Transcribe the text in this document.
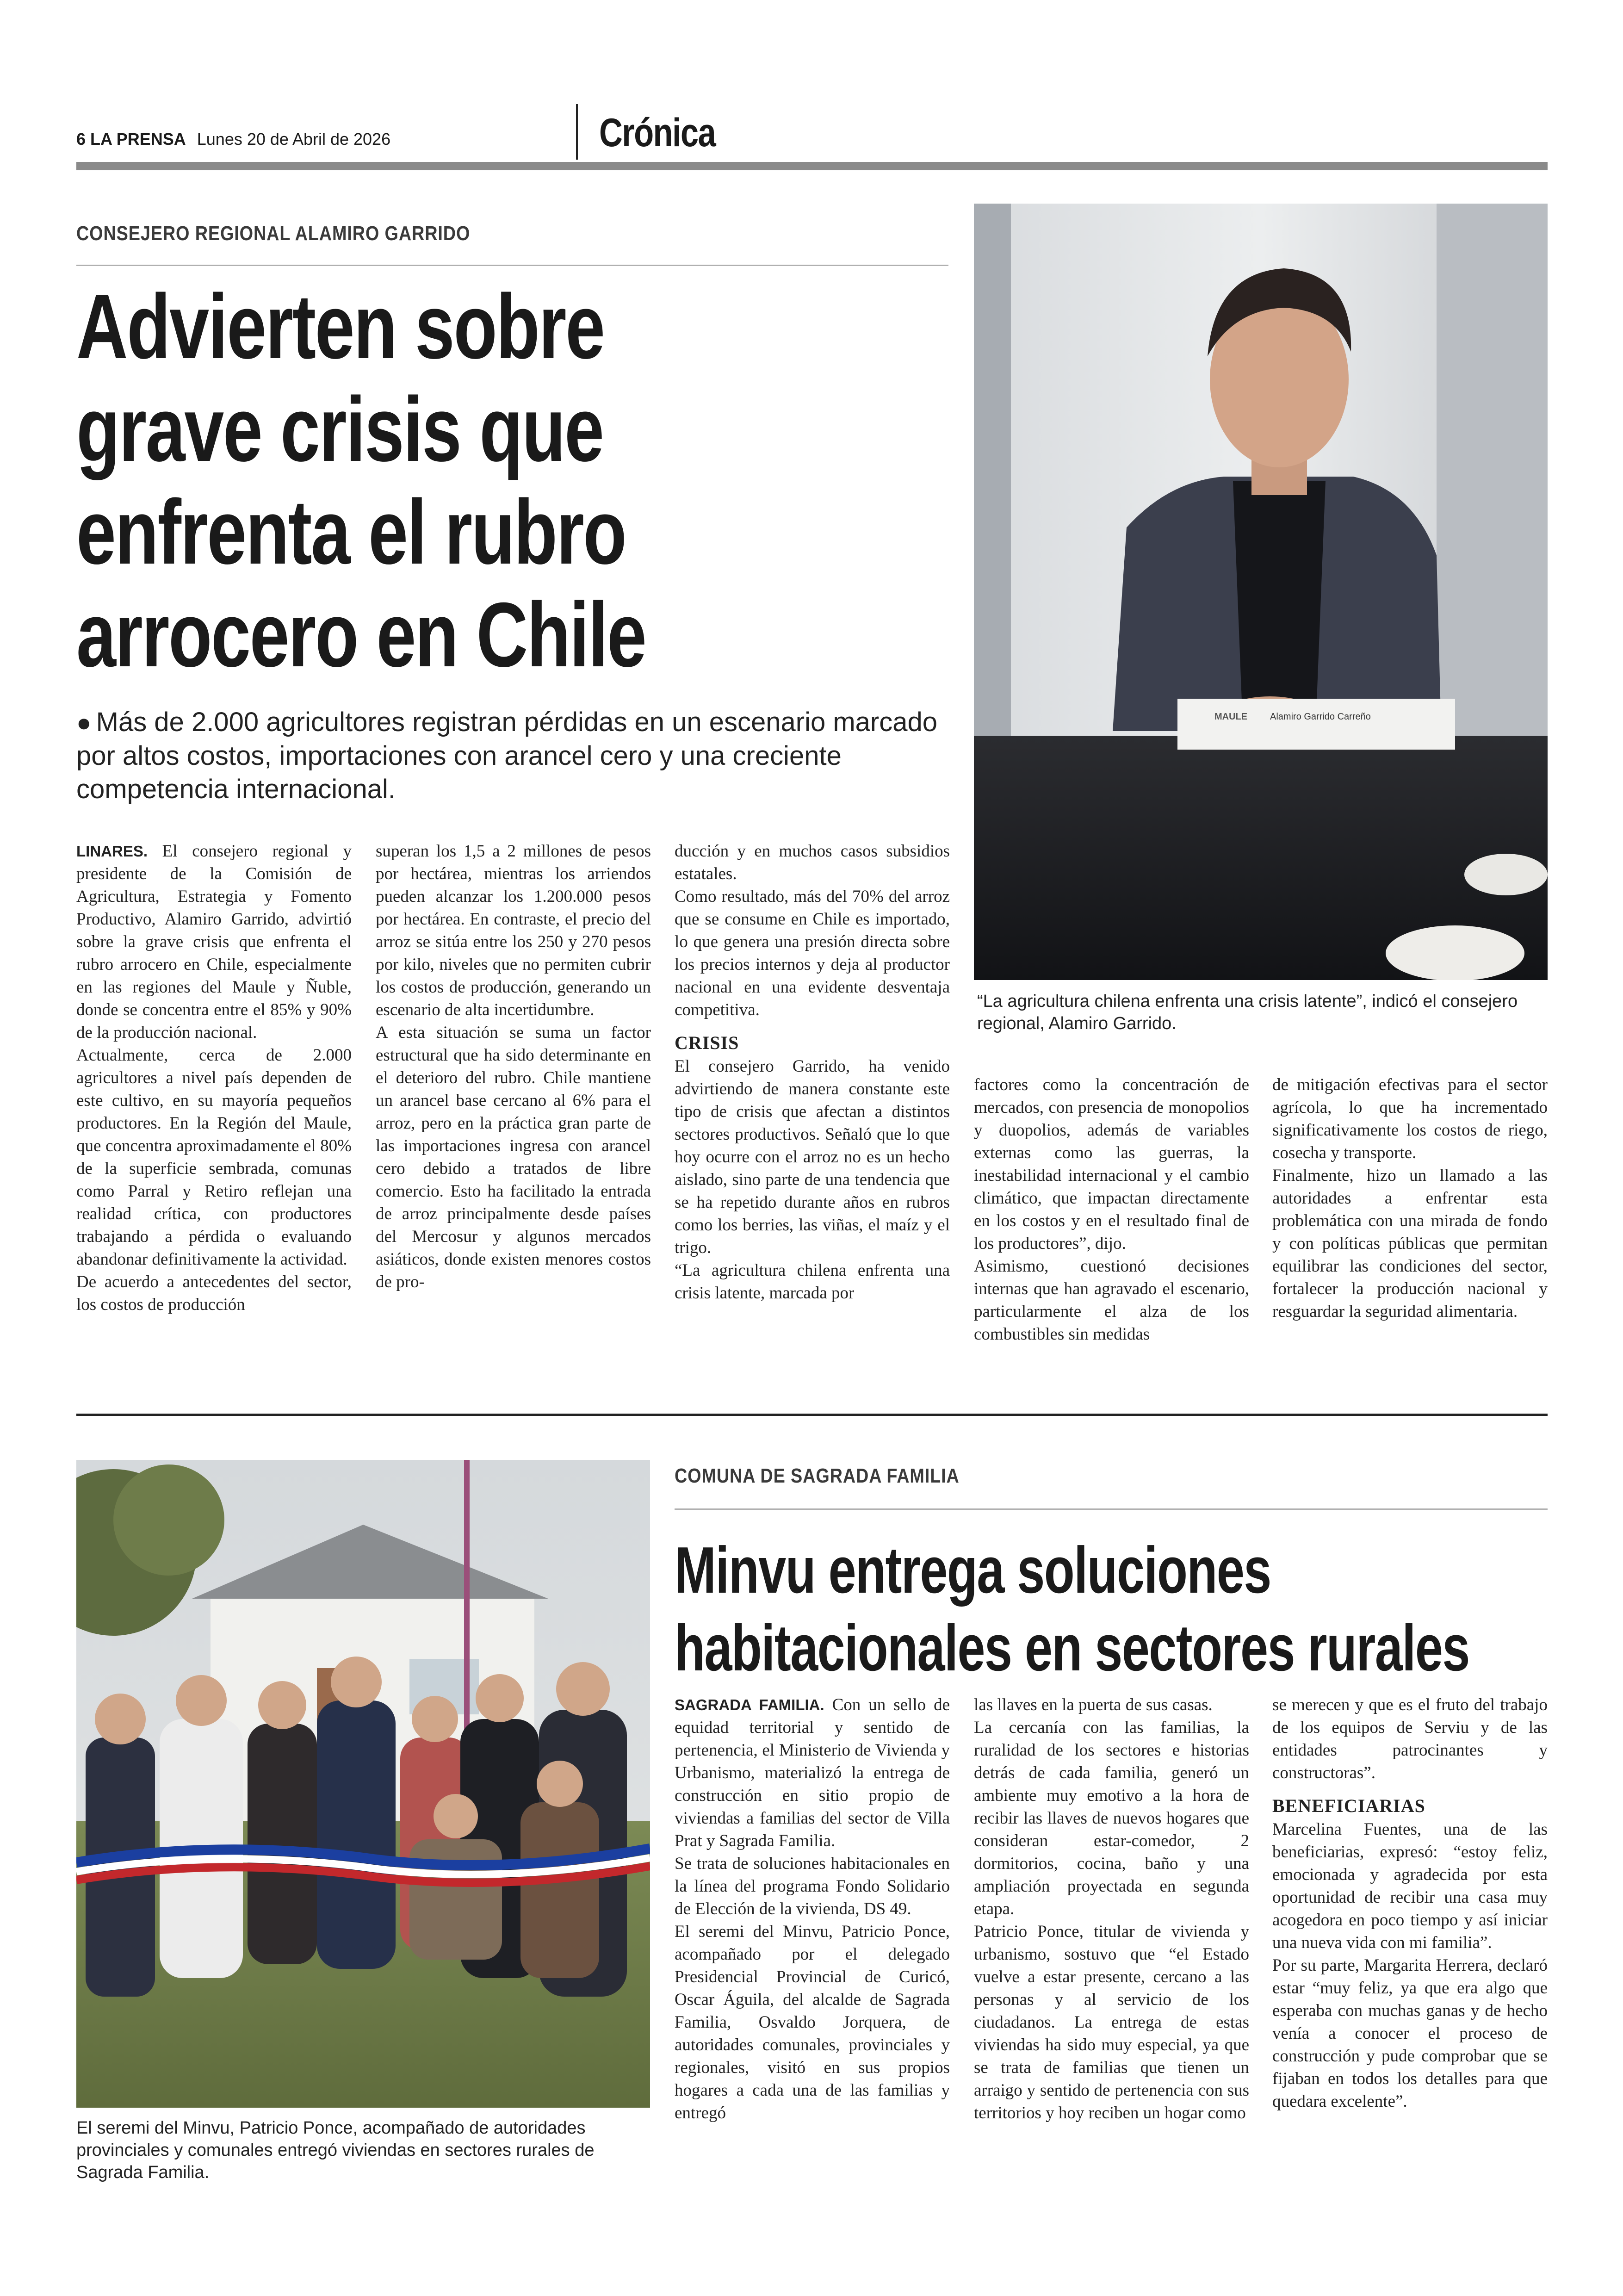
6 LA PRENSA Lunes 20 de Abril de 2026	Crónica
CONSEJERO REGIONAL ALAMIRO GARRIDO
Advierten sobre grave crisis que enfrenta el rubro arrocero en Chile
● Más de 2.000 agricultores registran pérdidas en un escenario marcado por altos costos, importaciones con arancel cero y una creciente competencia internacional.
MAULE Alamiro Garrido Carreño
“La agricultura chilena enfrenta una crisis latente”, indicó el consejero regional, Alamiro Garrido.

LINARES. El consejero regional y presidente de la Comisión de Agricultura, Estrategia y Fomento Productivo, Alamiro Garrido, advirtió sobre la grave crisis que enfrenta el rubro arrocero en Chile, especialmente en las regiones del Maule y Ñuble, donde se concentra entre el 85% y 90% de la producción nacional.

Actualmente, cerca de 2.000 agricultores a nivel país dependen de este cultivo, en su mayoría pequeños productores. En la Región del Maule, que concentra aproximadamente el 80% de la superficie sembrada, comunas como Parral y Retiro reflejan una realidad crítica, con productores trabajando a pérdida o evaluando abandonar definitivamente la actividad.

De acuerdo a antecedentes del sector, los costos de producción

superan los 1,5 a 2 millones de pesos por hectárea, mientras los arriendos pueden alcanzar los 1.200.000 pesos por hectárea. En contraste, el precio del arroz se sitúa entre los 250 y 270 pesos por kilo, niveles que no permiten cubrir los costos de producción, generando un escenario de alta incertidumbre.

A esta situación se suma un factor estructural que ha sido determinante en el deterioro del rubro. Chile mantiene un arancel base cercano al 6% para el arroz, pero en la práctica gran parte de las importaciones ingresa con arancel cero debido a tratados de libre comercio. Esto ha facilitado la entrada de arroz principalmente desde países del Mercosur y algunos mercados asiáticos, donde existen menores costos de pro-

ducción y en muchos casos subsidios estatales.

Como resultado, más del 70% del arroz que se consume en Chile es importado, lo que genera una presión directa sobre los precios internos y deja al productor nacional en una evidente desventaja competitiva.

CRISIS

El consejero Garrido, ha venido advirtiendo de manera constante este tipo de crisis que afectan a distintos sectores productivos. Señaló que lo que hoy ocurre con el arroz no es un hecho aislado, sino parte de una tendencia que se ha repetido durante años en rubros como los berries, las viñas, el maíz y el trigo.

“La agricultura chilena enfrenta una crisis latente, marcada por

factores como la concentración de mercados, con presencia de monopolios y duopolios, además de variables externas como las guerras, la inestabilidad internacional y el cambio climático, que impactan directamente en los costos y en el resultado final de los productores”, dijo.

Asimismo, cuestionó decisiones internas que han agravado el escenario, particularmente el alza de los combustibles sin medidas

de mitigación efectivas para el sector agrícola, lo que ha incrementado significativamente los costos de riego, cosecha y transporte.

Finalmente, hizo un llamado a las autoridades a enfrentar esta problemática con una mirada de fondo y con políticas públicas que permitan equilibrar las condiciones del sector, fortalecer la producción nacional y resguardar la seguridad alimentaria.

El seremi del Minvu, Patricio Ponce, acompañado de autoridades provinciales y comunales entregó viviendas en sectores rurales de Sagrada Familia.
COMUNA DE SAGRADA FAMILIA
Minvu entrega soluciones habitacionales en sectores rurales

SAGRADA FAMILIA. Con un sello de equidad territorial y sentido de pertenencia, el Ministerio de Vivienda y Urbanismo, materializó la entrega de construcción en sitio propio de viviendas a familias del sector de Villa Prat y Sagrada Familia.

Se trata de soluciones habitacionales en la línea del programa Fondo Solidario de Elección de la vivienda, DS 49.

El seremi del Minvu, Patricio Ponce, acompañado por el delegado Presidencial Provincial de Curicó, Oscar Águila, del alcalde de Sagrada Familia, Osvaldo Jorquera, de autoridades comunales, provinciales y regionales, visitó en sus propios hogares a cada una de las familias y entregó

las llaves en la puerta de sus casas.

La cercanía con las familias, la ruralidad de los sectores e historias detrás de cada familia, generó un ambiente muy emotivo a la hora de recibir las llaves de nuevos hogares que consideran estar-comedor, 2 dormitorios, cocina, baño y una ampliación proyectada en segunda etapa.

Patricio Ponce, titular de vivienda y urbanismo, sostuvo que “el Estado vuelve a estar presente, cercano a las personas y al servicio de los ciudadanos. La entrega de estas viviendas ha sido muy especial, ya que se trata de familias que tienen un arraigo y sentido de pertenencia con sus territorios y hoy reciben un hogar como

se merecen y que es el fruto del trabajo de los equipos de Serviu y de las entidades patrocinantes y constructoras”.

BENEFICIARIAS

Marcelina Fuentes, una de las beneficiarias, expresó: “estoy feliz, emocionada y agradecida por esta oportunidad de recibir una casa muy acogedora en poco tiempo y así iniciar una nueva vida con mi familia”.

Por su parte, Margarita Herrera, declaró estar “muy feliz, ya que era algo que esperaba con muchas ganas y de hecho venía a conocer el proceso de construcción y pude comprobar que se fijaban en todos los detalles para que quedara excelente”.
